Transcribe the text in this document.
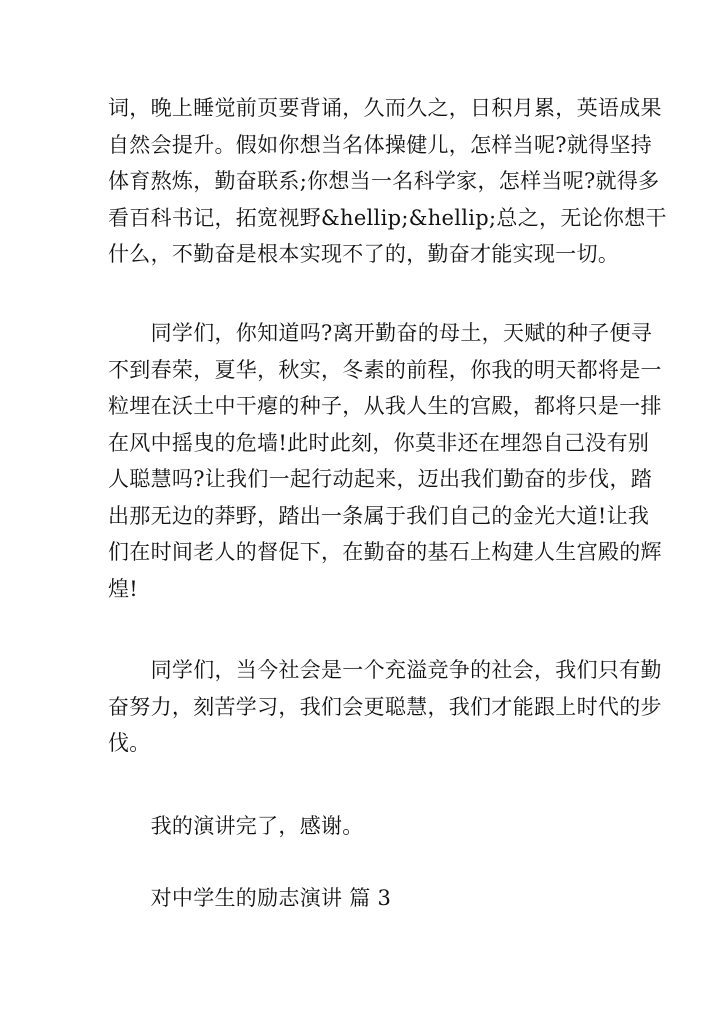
词，晚上睡觉前页要背诵，久而久之，日积月累，英语成果
自然会提升。假如你想当名体操健儿，怎样当呢?就得坚持
体育熬炼，勤奋联系;你想当一名科学家，怎样当呢?就得多
看百科书记，拓宽视野&hellip;&hellip;总之，无论你想干
什么，不勤奋是根本实现不了的，勤奋才能实现一切。
　　同学们，你知道吗?离开勤奋的母土，天赋的种子便寻
不到春荣，夏华，秋实，冬素的前程，你我的明天都将是一
粒埋在沃土中干瘪的种子，从我人生的宫殿，都将只是一排
在风中摇曳的危墙!此时此刻，你莫非还在埋怨自己没有别
人聪慧吗?让我们一起行动起来，迈出我们勤奋的步伐，踏
出那无边的莽野，踏出一条属于我们自己的金光大道!让我
们在时间老人的督促下，在勤奋的基石上构建人生宫殿的辉
煌!
　　同学们，当今社会是一个充溢竞争的社会，我们只有勤
奋努力，刻苦学习，我们会更聪慧，我们才能跟上时代的步
伐。
　　我的演讲完了，感谢。
　　对中学生的励志演讲 篇 3
